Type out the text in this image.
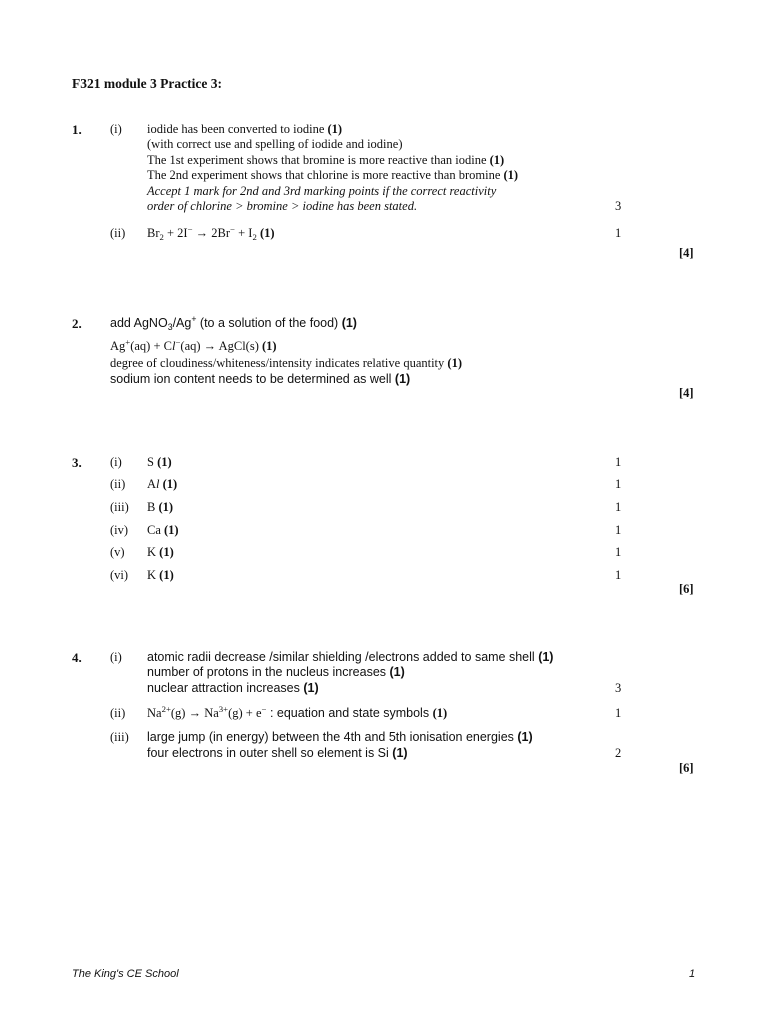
F321 module 3 Practice 3:
1. (i) iodide has been converted to iodine (1)
(with correct use and spelling of iodide and iodine)
The 1st experiment shows that bromine is more reactive than iodine (1)
The 2nd experiment shows that chlorine is more reactive than bromine (1)
Accept 1 mark for 2nd and 3rd marking points if the correct reactivity
order of chlorine > bromine > iodine has been stated.	3
(ii) $Br_2 + 2I^- \to 2Br^- + I_2$ (1)	1
[4]
2. add AgNO$_3$/Ag+ (to a solution of the food) (1)
Ag+(aq) + Cl−(aq) → AgCl(s) (1)
degree of cloudiness/whiteness/intensity indicates relative quantity (1)
sodium ion content needs to be determined as well (1)
[4]
3. (i) S (1)	1
(ii) Al (1)	1
(iii) B (1)	1
(iv) Ca (1)	1
(v) K (1)	1
(vi) K (1)	1
[6]
4. (i) atomic radii decrease /similar shielding /electrons added to same shell (1)
number of protons in the nucleus increases (1)
nuclear attraction increases (1)	3
(ii) $Na^{2+}(g) \to Na^{3+}(g) + e^-$ : equation and state symbols (1)	1
(iii) large jump (in energy) between the 4th and 5th ionisation energies (1)
four electrons in outer shell so element is Si (1)	2
[6]
The King's CE School	1
